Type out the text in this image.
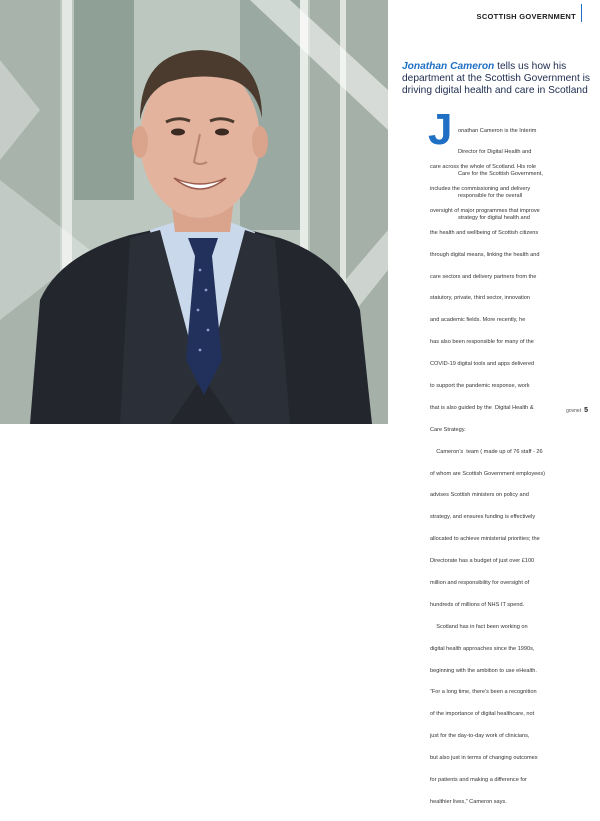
SCOTTISH GOVERNMENT
Jonathan Cameron tells us how his
department at the Scottish Government is
driving digital health and care in Scotland
J

onathan Cameron is the Interim

Director for Digital Health and

Care for the Scottish Government,

responsible for the overall

strategy for digital health and

care across the whole of Scotland. His role

includes the commissioning and delivery

oversight of major programmes that improve

the health and wellbeing of Scottish citizens

through digital means, linking the health and

care sectors and delivery partners from the

statutory, private, third sector, innovation

and academic fields. More recently, he

has also been responsible for many of the

COVID-19 digital tools and apps delivered

to support the pandemic response, work

that is also guided by the  Digital Health &

Care Strategy.

Cameron’s  team ( made up of 76 staff - 26

of whom are Scottish Government employees)

advises Scottish ministers on policy and

strategy, and ensures funding is effectively

allocated to achieve ministerial priorities; the

Directorate has a budget of just over £100

million and responsibility for oversight of

hundreds of millions of NHS IT spend.

Scotland has in fact been working on

digital health approaches since the 1990s,

beginning with the ambition to use eHealth.

“For a long time, there’s been a recognition

of the importance of digital healthcare, not

just for the day-to-day work of clinicians,

but also just in terms of changing outcomes

for patients and making a difference for

healthier lives,” Cameron says.

govnet 5
